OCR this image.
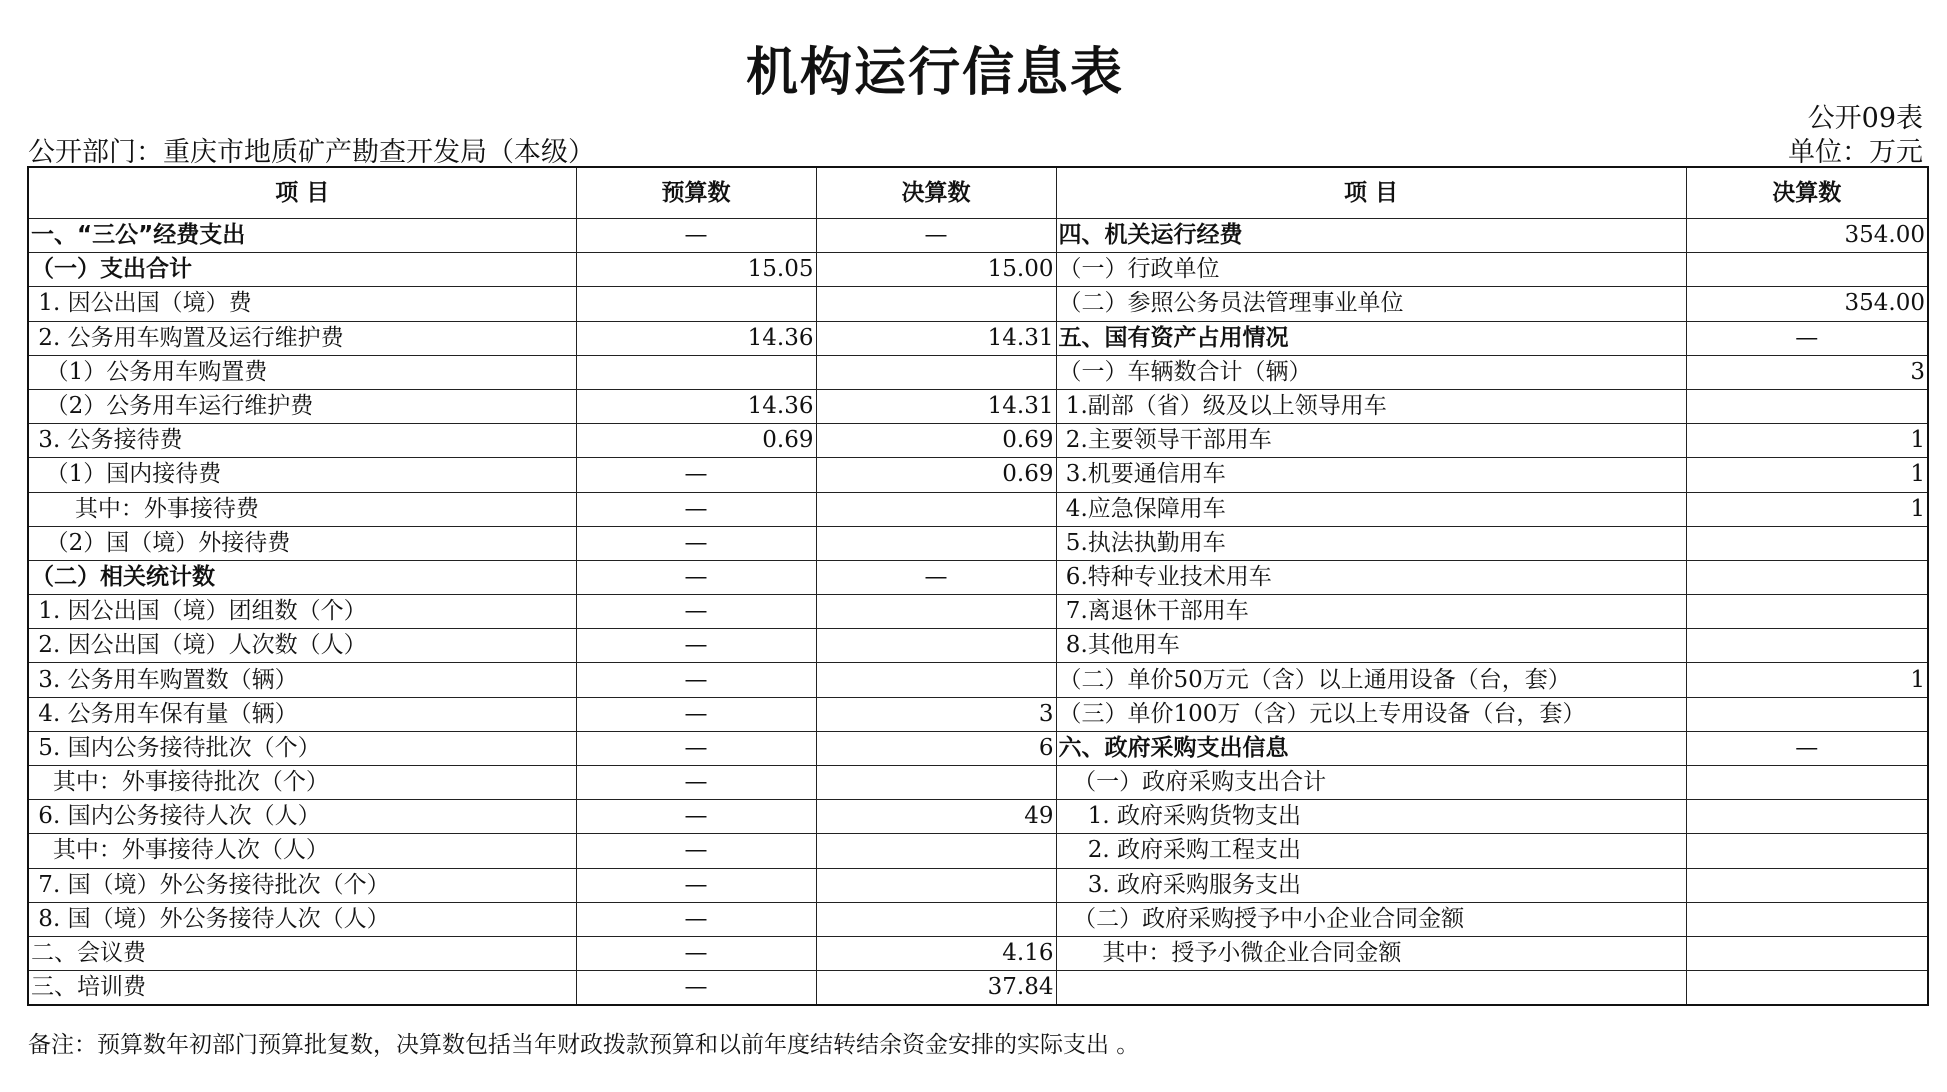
机构运行信息表
公开09表
公开部门：重庆市地质矿产勘查开发局（本级）	单位：万元
项 目	预算数	决算数	项 目	决算数
一、“三公”经费支出	—	—	四、机关运行经费	354.00
（一）支出合计	15.05	15.00	（一）行政单位	
1. 因公出国（境）费			（二）参照公务员法管理事业单位	354.00
2. 公务用车购置及运行维护费	14.36	14.31	五、国有资产占用情况	—
（1）公务用车购置费			（一）车辆数合计（辆）	3
（2）公务用车运行维护费	14.36	14.31	1.副部（省）级及以上领导用车	
3. 公务接待费	0.69	0.69	2.主要领导干部用车	1
（1）国内接待费	—	0.69	3.机要通信用车	1
其中：外事接待费	—		4.应急保障用车	1
（2）国（境）外接待费	—		5.执法执勤用车	
（二）相关统计数	—	—	6.特种专业技术用车	
1. 因公出国（境）团组数（个）	—		7.离退休干部用车	
2. 因公出国（境）人次数（人）	—		8.其他用车	
3. 公务用车购置数（辆）	—		（二）单价50万元（含）以上通用设备（台，套）	1
4. 公务用车保有量（辆）	—	3	（三）单价100万（含）元以上专用设备（台，套）	
5. 国内公务接待批次（个）	—	6	六、政府采购支出信息	—
其中：外事接待批次（个）	—		（一）政府采购支出合计	
6. 国内公务接待人次（人）	—	49	1. 政府采购货物支出	
其中：外事接待人次（人）	—		2. 政府采购工程支出	
7. 国（境）外公务接待批次（个）	—		3. 政府采购服务支出	
8. 国（境）外公务接待人次（人）	—		（二）政府采购授予中小企业合同金额	
二、会议费	—	4.16	其中：授予小微企业合同金额	
三、培训费	—	37.84		
备注：预算数年初部门预算批复数，决算数包括当年财政拨款预算和以前年度结转结余资金安排的实际支出 。
